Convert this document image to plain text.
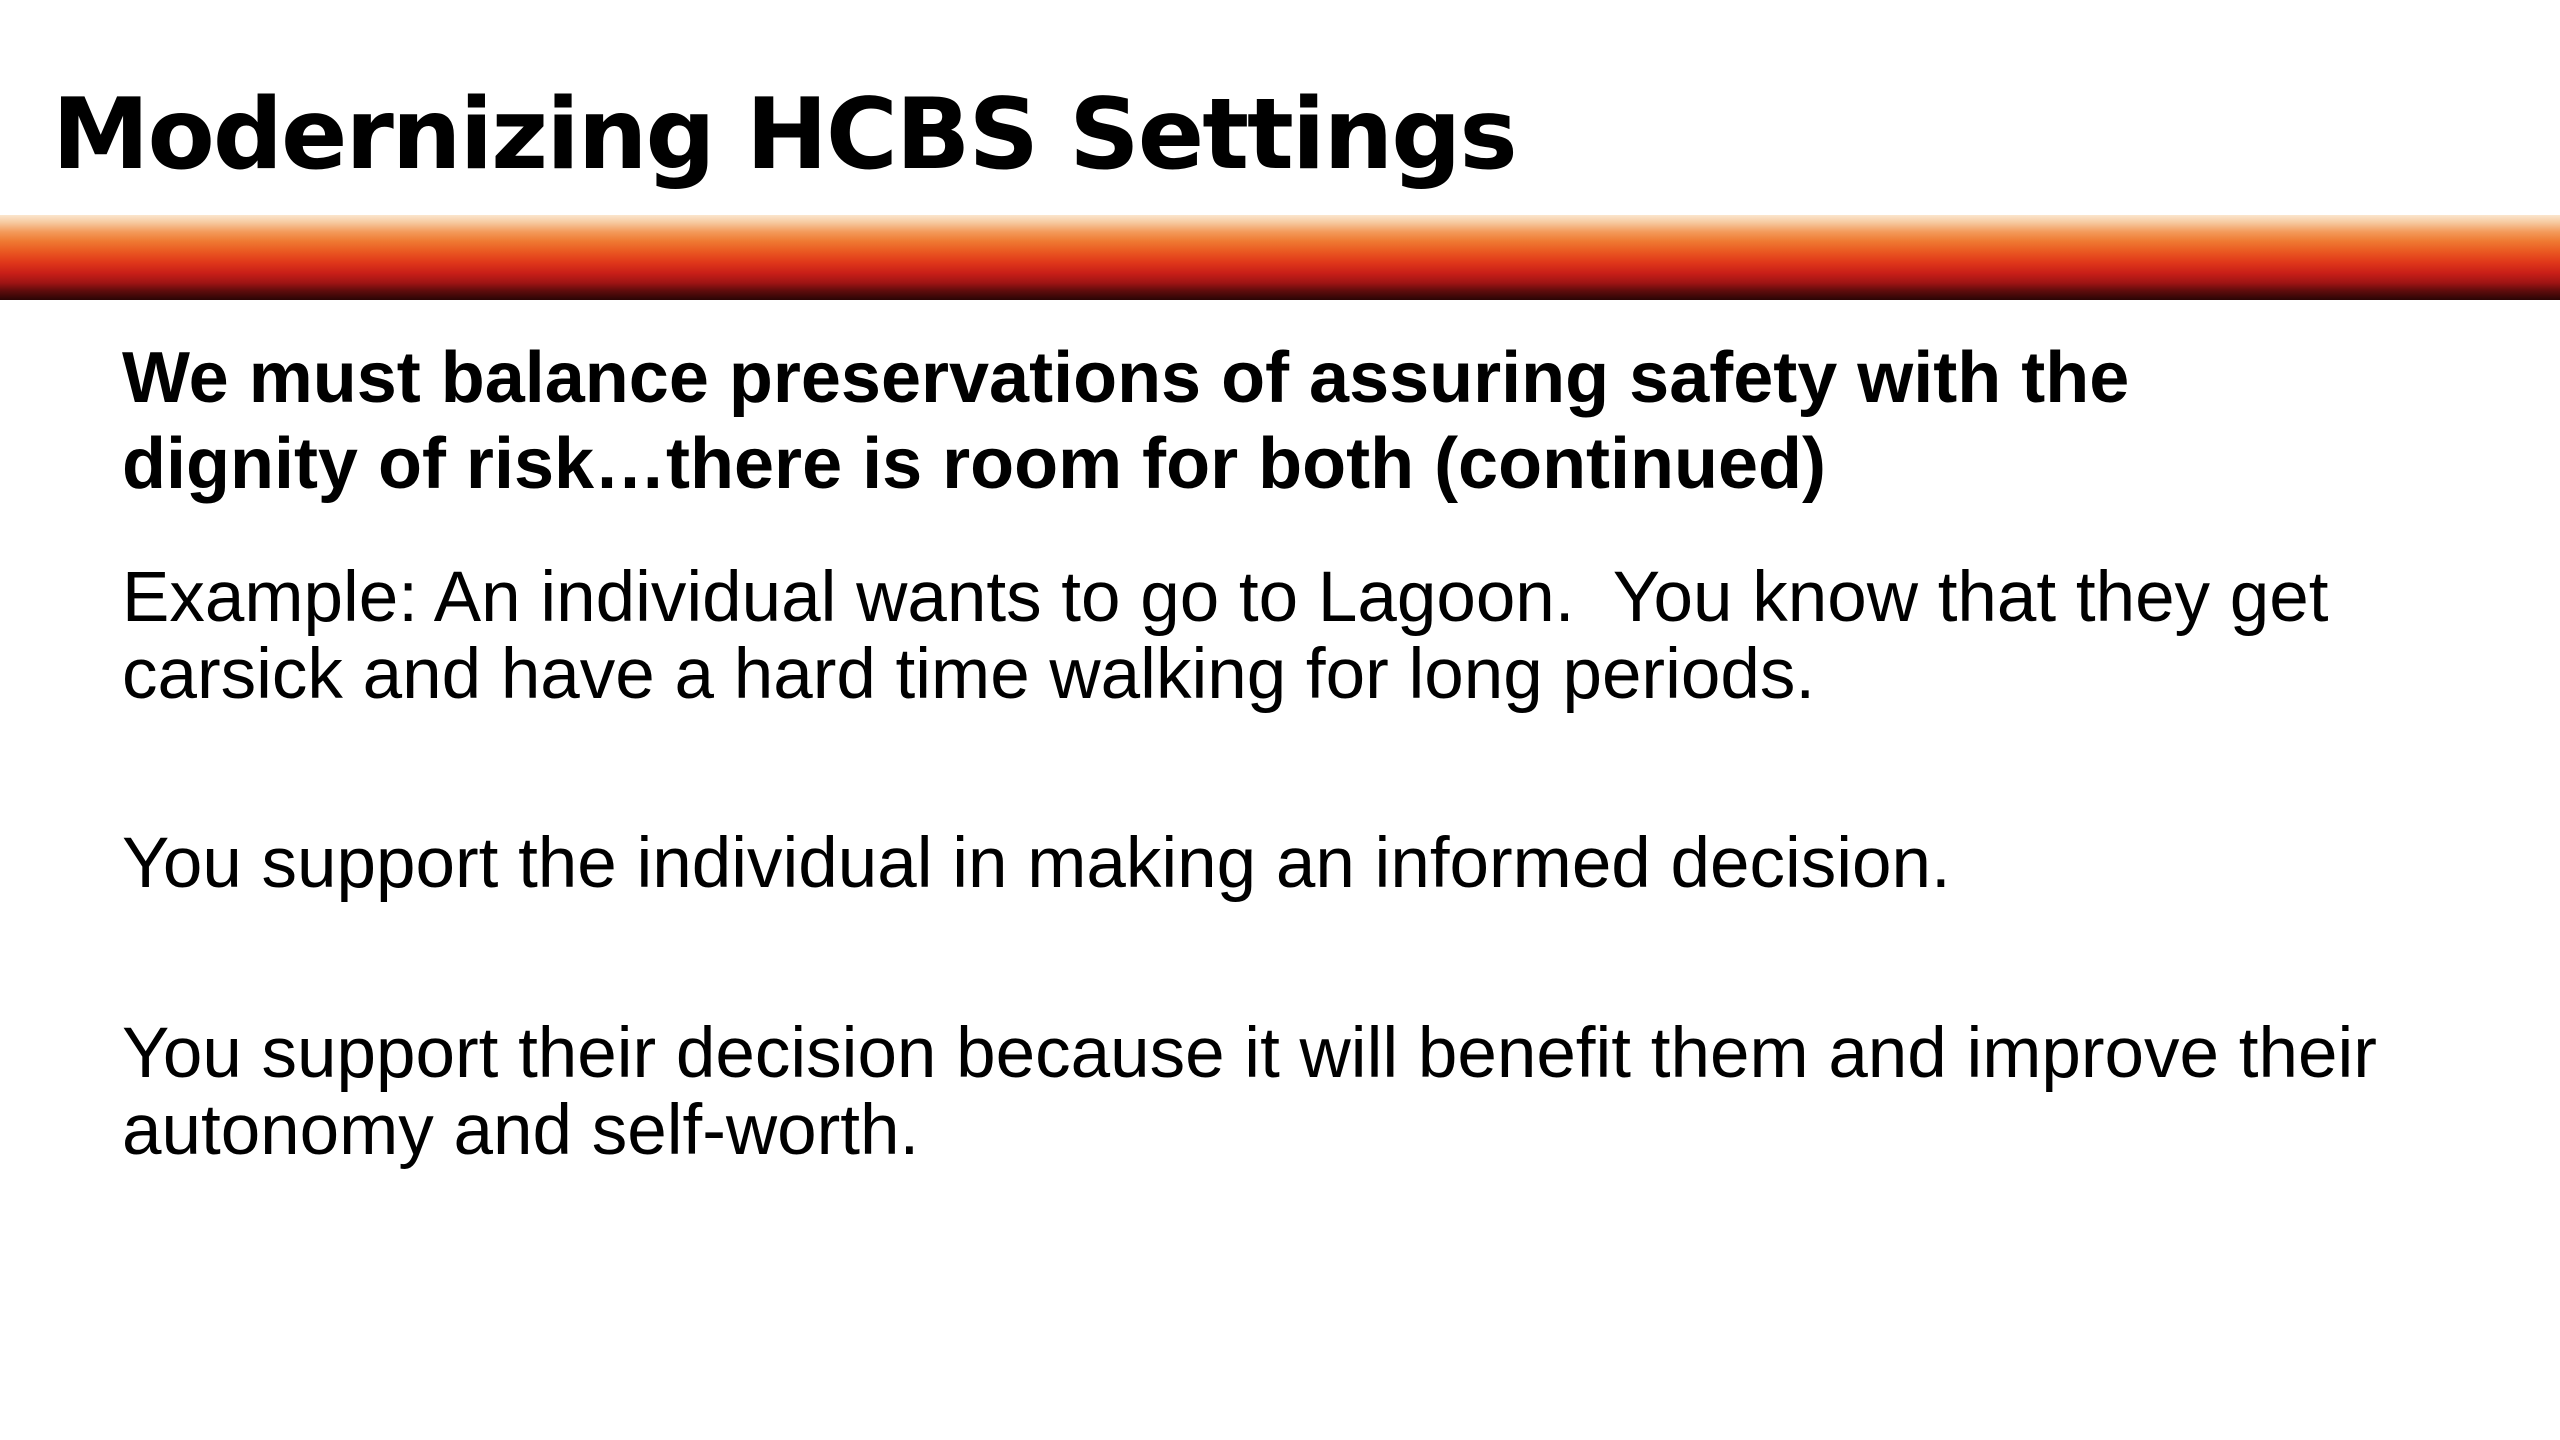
Modernizing HCBS Settings
We must balance preservations of assuring safety with the
dignity of risk…there is room for both (continued)

Example: An individual wants to go to Lagoon.  You know that they get
carsick and have a hard time walking for long periods.

You support the individual in making an informed decision.

You support their decision because it will benefit them and improve their
autonomy and self-worth.
